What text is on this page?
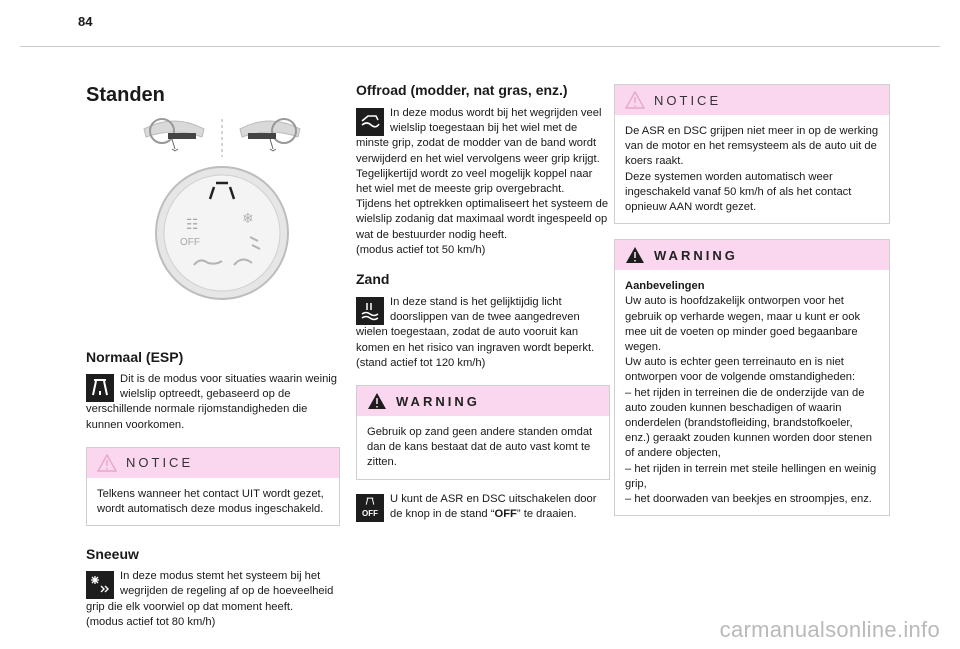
84
Standen
☷
OFF
❄
Normaal (ESP)

Dit is de modus voor situaties waarin weinig wielslip optreedt, gebaseerd op de verschillende normale rijomstandigheden die kunnen voorkomen.

NOTICE
Telkens wanneer het contact UIT wordt gezet, wordt automatisch deze modus ingeschakeld.
Sneeuw

In deze modus stemt het systeem bij het wegrijden de regeling af op de hoeveelheid grip die elk voorwiel op dat moment heeft.
(modus actief tot 80 km/h)

Offroad (modder, nat gras, enz.)

In deze modus wordt bij het wegrijden veel wielslip toegestaan bij het wiel met de minste grip, zodat de modder van de band wordt verwijderd en het wiel vervolgens weer grip krijgt.
Tegelijkertijd wordt zo veel mogelijk koppel naar het wiel met de meeste grip overgebracht.
Tijdens het optrekken optimaliseert het systeem de wielslip zodanig dat maximaal wordt ingespeeld op wat de bestuurder nodig heeft.
(modus actief tot 50 km/h)

Zand

In deze stand is het gelijktijdig licht doorslippen van de twee aangedreven wielen toegestaan, zodat de auto vooruit kan komen en het risico van ingraven wordt beperkt.
(stand actief tot 120 km/h)

WARNING
Gebruik op zand geen andere standen omdat dan de kans bestaat dat de auto vast komt te zitten.
OFF

U kunt de ASR en DSC uitschakelen door de knop in de stand “OFF” te draaien.

NOTICE
De ASR en DSC grijpen niet meer in op de werking van de motor en het remsysteem als de auto uit de koers raakt.
Deze systemen worden automatisch weer ingeschakeld vanaf 50 km/h of als het contact opnieuw AAN wordt gezet.
WARNING
Aanbevelingen
Uw auto is hoofdzakelijk ontworpen voor het gebruik op verharde wegen, maar u kunt er ook mee uit de voeten op minder goed begaanbare wegen.
Uw auto is echter geen terreinauto en is niet ontworpen voor de volgende omstandigheden:
– het rijden in terreinen die de onderzijde van de auto zouden kunnen beschadigen of waarin onderdelen (brandstofleiding, brandstofkoeler, enz.) geraakt zouden kunnen worden door stenen of andere objecten,
– het rijden in terrein met steile hellingen en weinig grip,
– het doorwaden van beekjes en stroompjes, enz.
carmanualsonline.info
